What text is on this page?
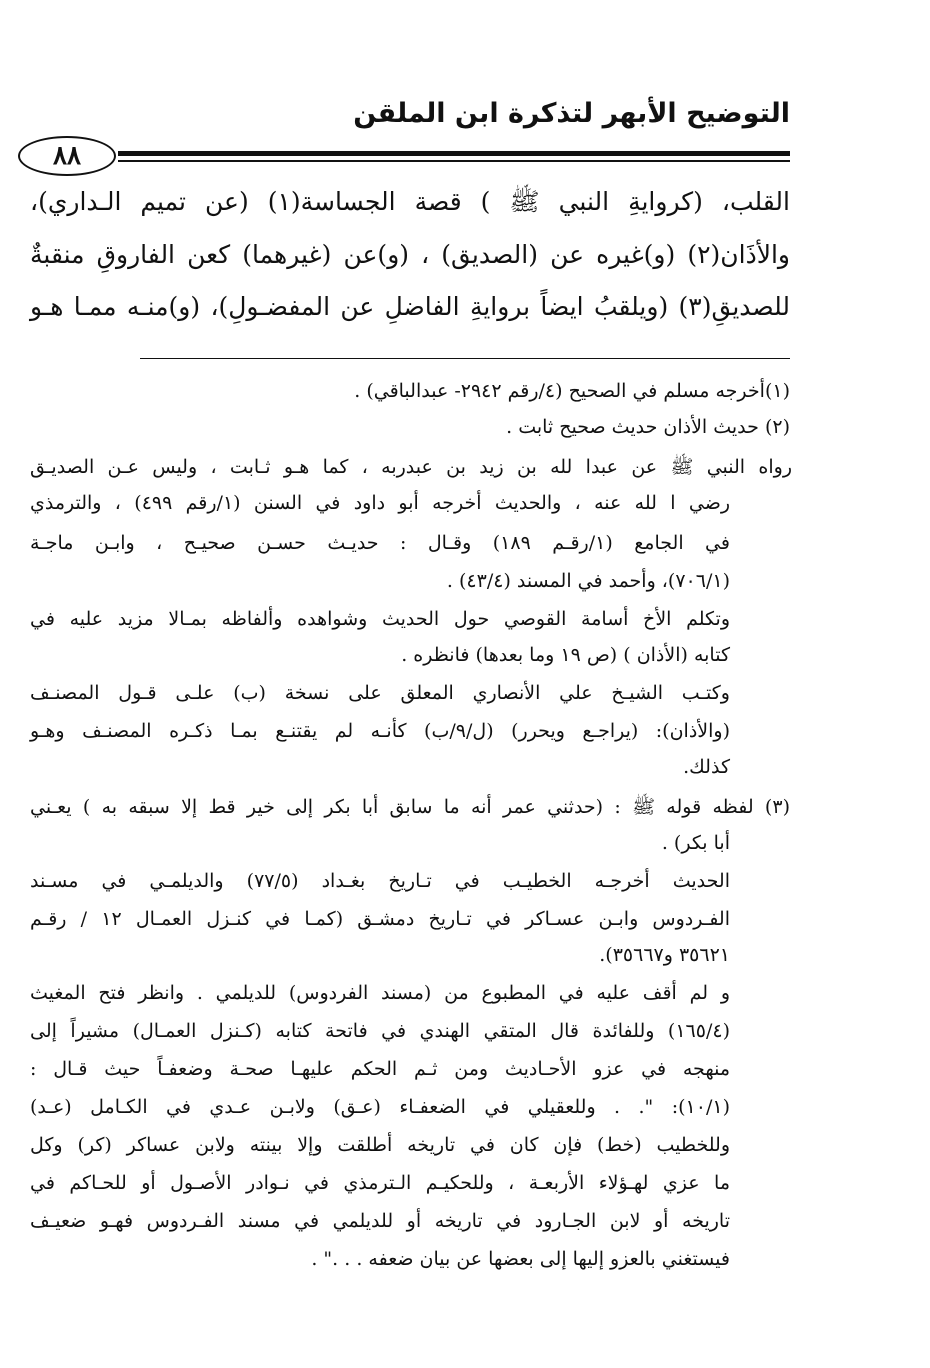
التوضيح الأبهر لتذكرة ابن الملقن
٨٨
القلب، (كروايةِ النبي ﷺ ) قصة الجساسة(١) (عن تميم الـداري)،
والأذَان(٢) (و)غيره عن (الصديق) ، (و)عن (غيرهما) كعن الفاروقِ منقبةٌ
للصديقِ(٣) (ويلقبُ ايضاً بروايةِ الفاضلِ عن المفضـولِ)، (و)منـه ممـا هـو
(١)أخرجه مسلم في الصحيح (٤/رقم ٢٩٤٢- عبدالباقي) .
(٢) حديث الأذان حديث صحيح ثابت .
رواه النبي ﷺ عن عبدا لله بن زيد بن عبدربه ، كما هـو ثـابت ، وليس عـن الصديـق
رضي ا لله عنه ، والحديث أخرجه أبو داود في السنن (١/رقم ٤٩٩) ، والترمذي
في الجامع (١/رقـم ١٨٩) وقـال : حديـث حسـن صحيـح ، وابـن ماجـة
(٧٠٦/١)، وأحمد في المسند (٤٣/٤) .
وتكلم الأخ أسامة القوصي حول الحديث وشواهده وألفاظه بمـالا مزيد عليه في
كتابه (الأذان ) (ص ١٩ وما بعدها) فانظره .
وكتـب الشيـخ علي الأنصاري المعلق على نسخة (ب) علـى قـول المصنـف
(والأذان): (يراجـع ويحرر) (ل/٩/ب) كأنـه لم يقتنـع بمـا ذكـره المصنـف وهـو
كذلك.
(٣) لفظه قوله ﷺ : (حدثني عمر أنه ما سابق أبا بكر إلى خير قط إلا سبقه به ) يعـني
أبا بكر) .
الحديث أخرجـه الخطيـب في تـاريخ بغـداد (٧٧/٥) والديلمـي في مسـند
الفـردوس وابـن عسـاكر في تـاريخ دمشـق (كمـا في كنـزل العمـال ١٢ / رقـم
٣٥٦٢١ و٣٥٦٦٧).
و لم أقف عليه في المطبوع من (مسند الفردوس) للديلمي . وانظر فتح المغيث
(١٦٥/٤) وللفائدة قال المتقي الهندي في فاتحة كتابه (كـنزل العمـال) مشيراً إلى
منهجه في عزو الأحـاديث ومن ثـم الحكم عليهـا صحـة وضعفـاً حيث قـال :
(١٠/١): ". . وللعقيلي في الضعفـاء (عـق) ولابـن عـدي في الكـامل (عـد)
وللخطيب (خط) فإن كان في تاريخه أطلقت وإلا بينته ولابن عساكر (كر) وكل
ما عزي لهـؤلاء الأربعـة ، وللحكيـم الـترمذي في نـوادر الأصـول أو للحـاكم في
تاريخه أو لابن الجـارود في تاريخه أو للديلمي في مسند الفـردوس فهـو ضعيـف
فيستغني بالعزو إليها إلى بعضها عن بيان ضعفه . . ." .
